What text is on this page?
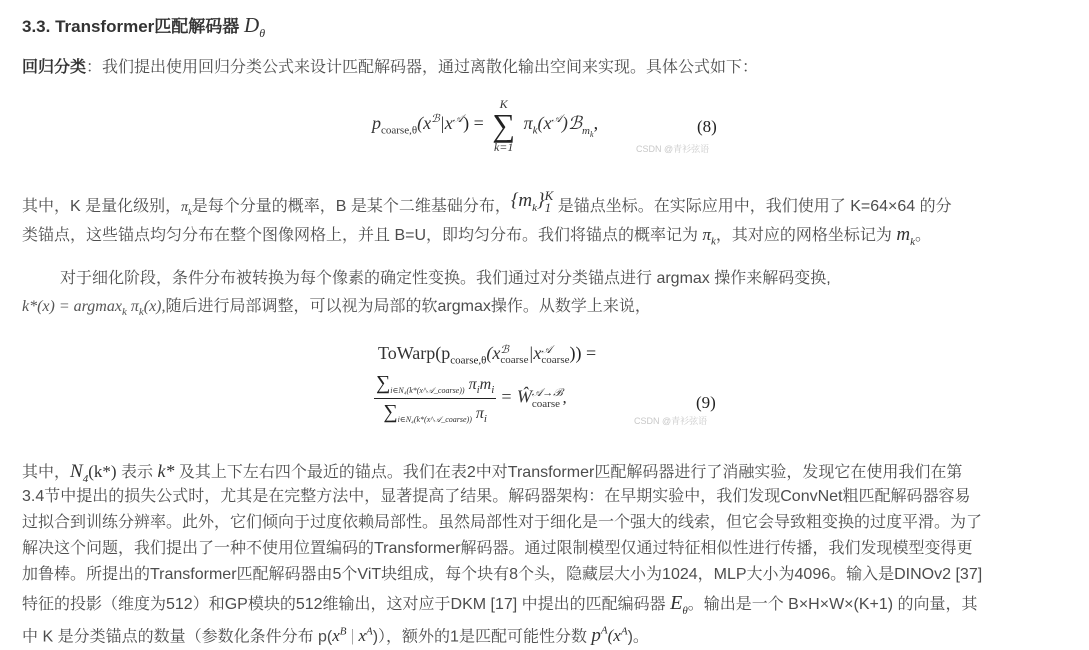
3.3. Transformer匹配解码器 $D_\theta$
回归分类：我们提出使用回归分类公式来设计匹配解码器，通过离散化输出空间来实现。具体公式如下：
$p_{coarse,\theta}(x^ℬ|x^𝒜)$ =
K
∑
k=1
$\pi_k(x^𝒜)ℬ_{m_k}$,	(8)
CSDN @青衫弦语
其中，K 是量化级别，$\pi_k$是每个分量的概率，B 是某个二维基础分布，$\{m_k\}$ K
1 是锚点坐标。在实际应用中，我们使用了 K=64×64 的分
类锚点，这些锚点均匀分布在整个图像网格上，并且 B=U，即均匀分布。我们将锚点的概率记为 $\pi_k$，其对应的网格坐标记为 $m_k$。
对于细化阶段，条件分布被转换为每个像素的确定性变换。我们通过对分类锚点进行 argmax 操作来解码变换,
k*(x) = argmax$_k$ $\pi_k(x)$,随后进行局部调整，可以视为局部的软argmax操作。从数学上来说，
$ToWarp(p_{coarse,\theta}(x$ ℬ
coarse |x 𝒜
coarse )) =
$\frac{\sum_{i\in N_4(k*(x\^{}𝒜\_coarse))} \pi_im_i}{\sum_{i\in N_4(k*(x\^{}𝒜\_coarse))} \pi_i}$ = Ŵ 𝒜→ℬ
coarse ,	(9)
CSDN @青衫弦语
其中，$N_4(k*)$ 表示 k* 及其上下左右四个最近的锚点。我们在表2中对Transformer匹配解码器进行了消融实验，发现它在使用我们在第
3.4节中提出的损失公式时，尤其是在完整方法中，显著提高了结果。解码器架构：在早期实验中，我们发现ConvNet粗匹配解码器容易
过拟合到训练分辨率。此外，它们倾向于过度依赖局部性。虽然局部性对于细化是一个强大的线索，但它会导致粗变换的过度平滑。为了
解决这个问题，我们提出了一种不使用位置编码的Transformer解码器。通过限制模型仅通过特征相似性进行传播，我们发现模型变得更
加鲁棒。所提出的Transformer匹配解码器由5个ViT块组成，每个块有8个头，隐藏层大小为1024，MLP大小为4096。输入是DINOv2 [37]
特征的投影（维度为512）和GP模块的512维输出，这对应于DKM [17] 中提出的匹配编码器 $E_\theta$。输出是一个 B×H×W×(K+1) 的向量，其
中 K 是分类锚点的数量（参数化条件分布 $p(x^B$ | $x^A$)），额外的1是匹配可能性分数 $p^A(x^A)$。
